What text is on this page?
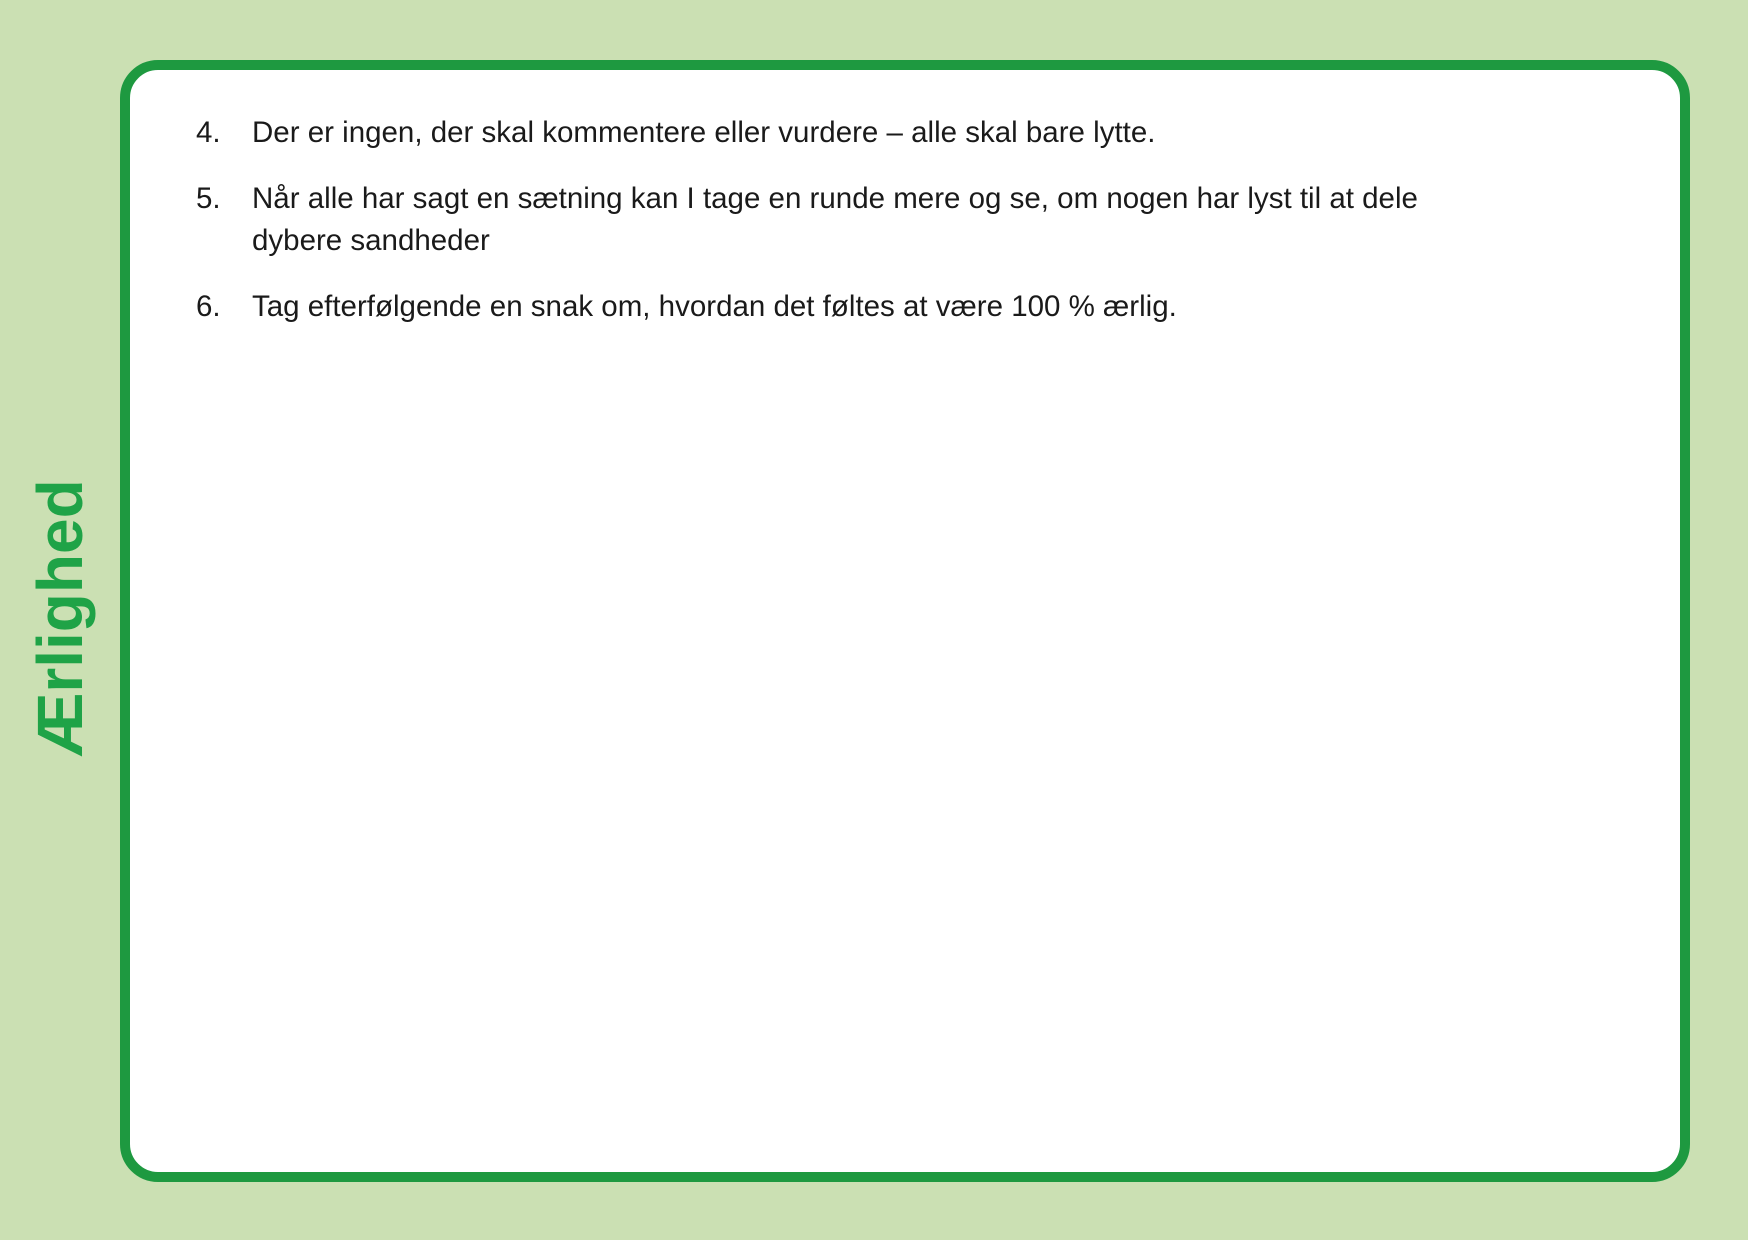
Ærlighed
4.	Der er ingen, der skal kommentere eller vurdere – alle skal bare lytte.
5.	Når alle har sagt en sætning kan I tage en runde mere og se, om nogen har lyst til at dele
dybere sandheder
6.	Tag efterfølgende en snak om, hvordan det føltes at være 100 % ærlig.
